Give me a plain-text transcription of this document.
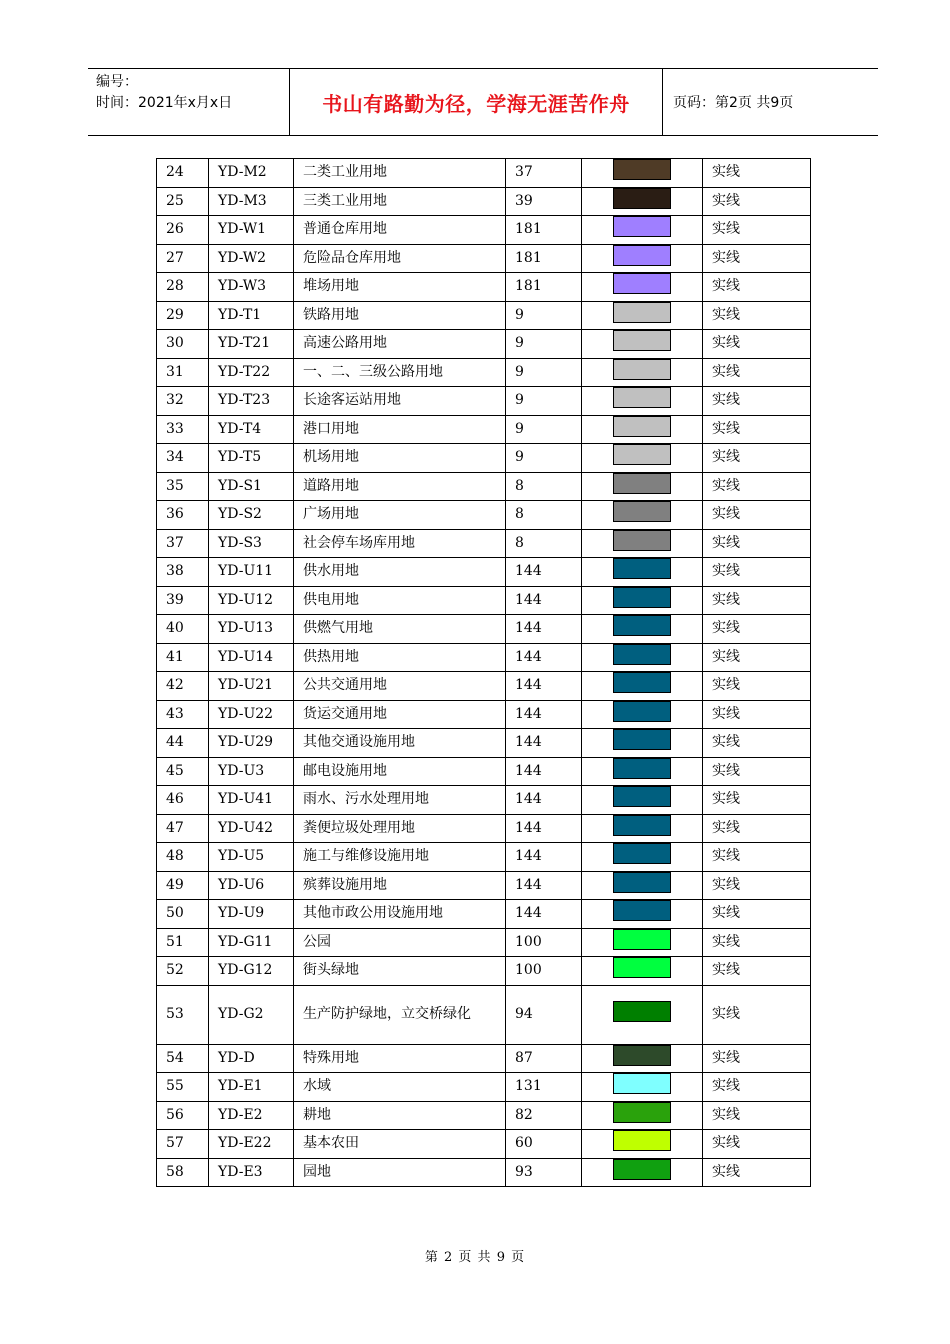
编号：
时间：2021年x月x日	书山有路勤为径，学海无涯苦作舟	页码：第2页 共9页
24	YD-M2	二类工业用地	37		实线
25	YD-M3	三类工业用地	39		实线
26	YD-W1	普通仓库用地	181		实线
27	YD-W2	危险品仓库用地	181		实线
28	YD-W3	堆场用地	181		实线
29	YD-T1	铁路用地	9		实线
30	YD-T21	高速公路用地	9		实线
31	YD-T22	一、二、三级公路用地	9		实线
32	YD-T23	长途客运站用地	9		实线
33	YD-T4	港口用地	9		实线
34	YD-T5	机场用地	9		实线
35	YD-S1	道路用地	8		实线
36	YD-S2	广场用地	8		实线
37	YD-S3	社会停车场库用地	8		实线
38	YD-U11	供水用地	144		实线
39	YD-U12	供电用地	144		实线
40	YD-U13	供燃气用地	144		实线
41	YD-U14	供热用地	144		实线
42	YD-U21	公共交通用地	144		实线
43	YD-U22	货运交通用地	144		实线
44	YD-U29	其他交通设施用地	144		实线
45	YD-U3	邮电设施用地	144		实线
46	YD-U41	雨水、污水处理用地	144		实线
47	YD-U42	粪便垃圾处理用地	144		实线
48	YD-U5	施工与维修设施用地	144		实线
49	YD-U6	殡葬设施用地	144		实线
50	YD-U9	其他市政公用设施用地	144		实线
51	YD-G11	公园	100		实线
52	YD-G12	街头绿地	100		实线
53	YD-G2	生产防护绿地，立交桥绿化	94		实线
54	YD-D	特殊用地	87		实线
55	YD-E1	水域	131		实线
56	YD-E2	耕地	82		实线
57	YD-E22	基本农田	60		实线
58	YD-E3	园地	93		实线
第 2 页 共 9 页
